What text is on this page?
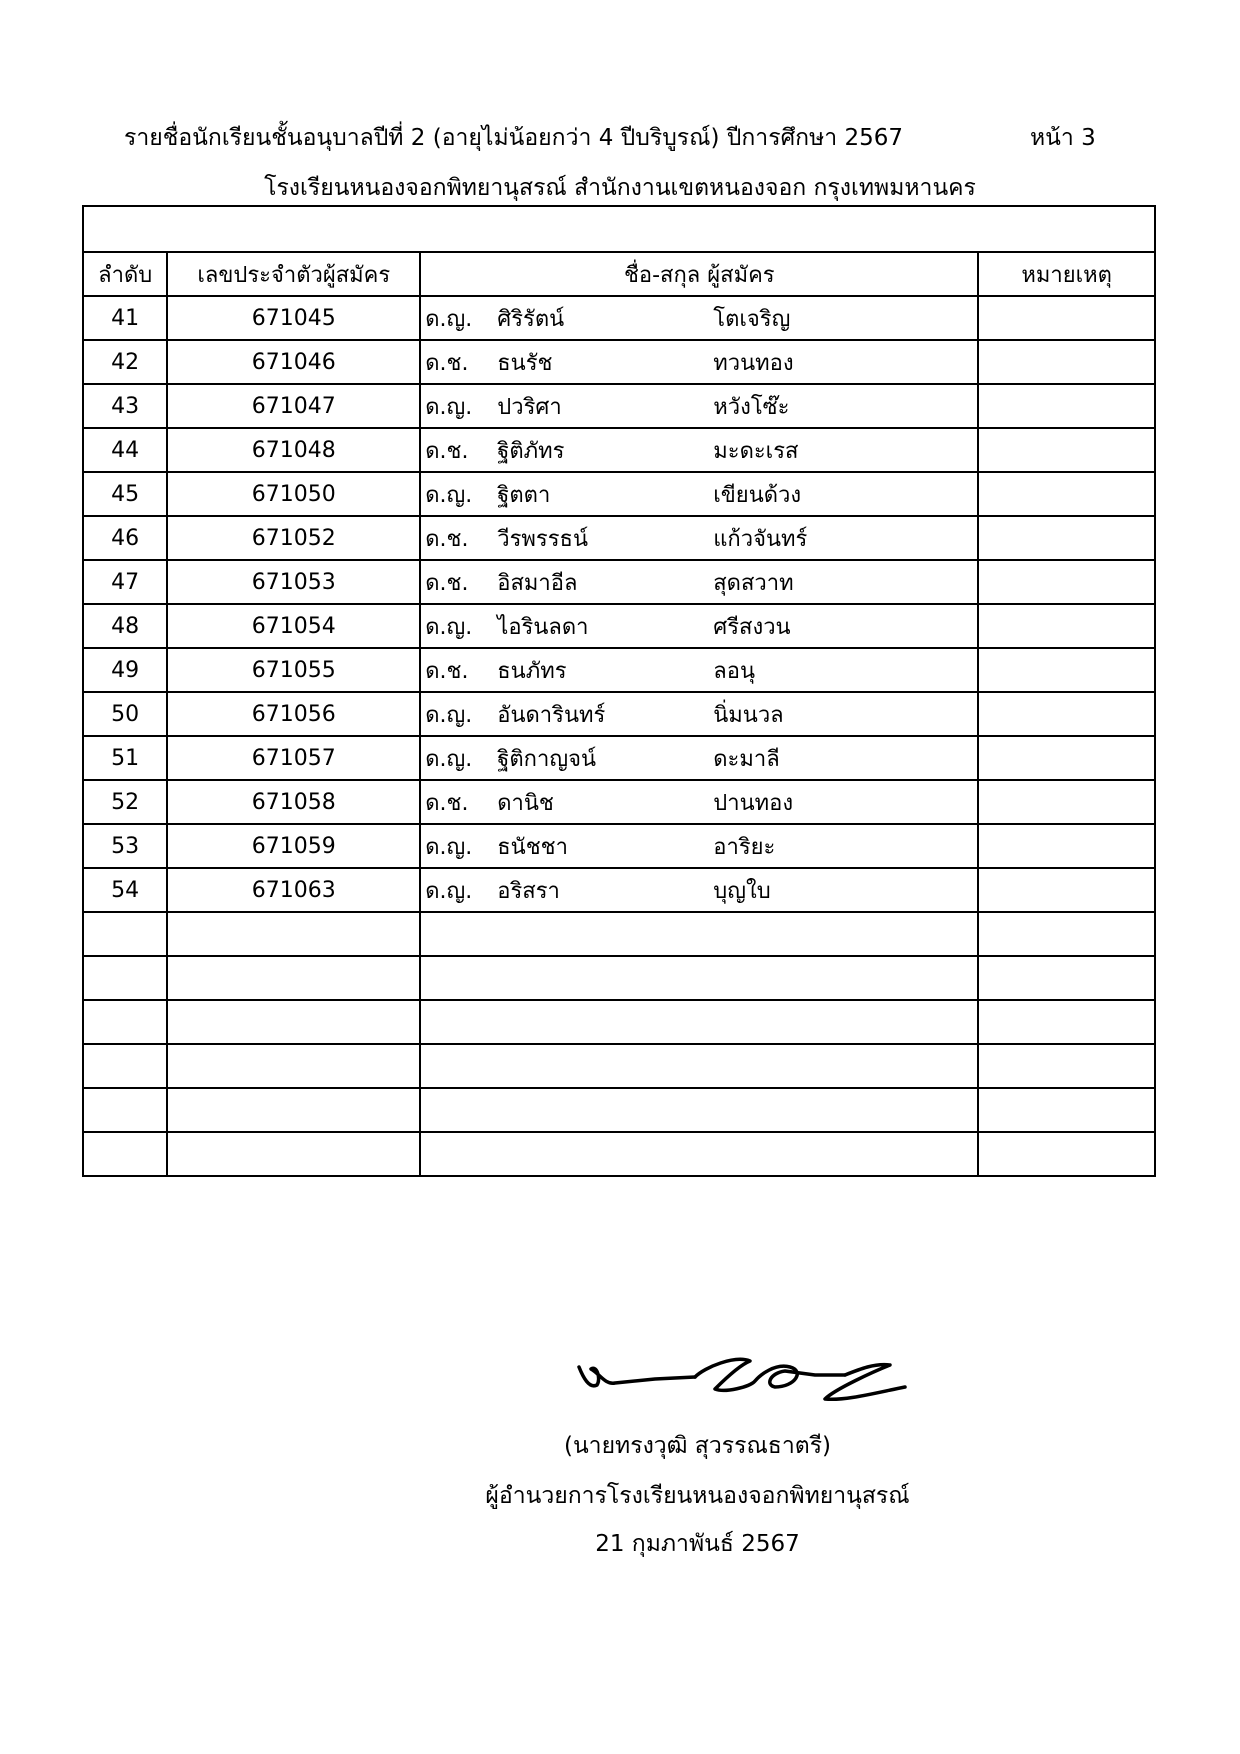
รายชื่อนักเรียนชั้นอนุบาลปีที่ 2 (อายุไม่น้อยกว่า 4 ปีบริบูรณ์) ปีการศึกษา 2567	หน้า 3
โรงเรียนหนองจอกพิทยานุสรณ์ สำนักงานเขตหนองจอก กรุงเทพมหานคร

ลำดับ	เลขประจำตัวผู้สมัคร	ชื่อ-สกุล ผู้สมัคร	หมายเหตุ
41	671045	ด.ญ. ศิริรัตน์ โตเจริญ	

42	671046	ด.ช. ธนรัช ทวนทอง	

43	671047	ด.ญ. ปวริศา หวังโซ๊ะ	

44	671048	ด.ช. ฐิติภัทร มะดะเรส	

45	671050	ด.ญ. ฐิตตา เขียนด้วง	

46	671052	ด.ช. วีรพรรธน์ แก้วจันทร์	

47	671053	ด.ช. อิสมาอีล สุดสวาท	

48	671054	ด.ญ. ไอรินลดา ศรีสงวน	

49	671055	ด.ช. ธนภัทร ลอนุ	

50	671056	ด.ญ. อันดารินทร์ นิ่มนวล	

51	671057	ด.ญ. ฐิติกาญจน์ ดะมาลี	

52	671058	ด.ช. ดานิช ปานทอง	

53	671059	ด.ญ. ธนัชชา อาริยะ	

54	671063	ด.ญ. อริสรา บุญใบ	

(นายทรงวุฒิ สุวรรณธาตรี)
ผู้อำนวยการโรงเรียนหนองจอกพิทยานุสรณ์
21 กุมภาพันธ์ 2567
